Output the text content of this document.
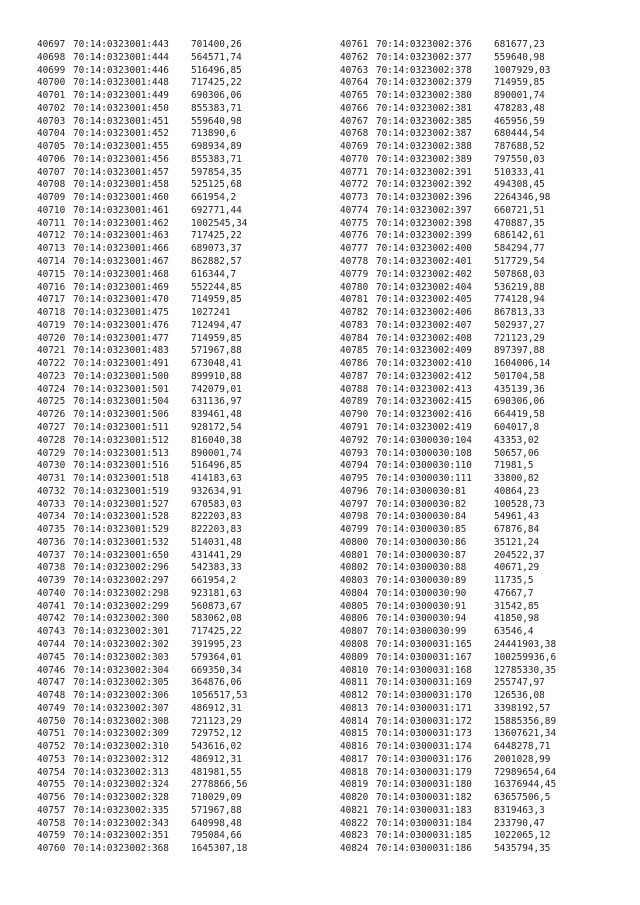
40697 70:14:0323001:443 701400,26
40698 70:14:0323001:444 564571,74
40699 70:14:0323001:446 516496,85
40700 70:14:0323001:448 717425,22
40701 70:14:0323001:449 690306,06
40702 70:14:0323001:450 855383,71
40703 70:14:0323001:451 559640,98
40704 70:14:0323001:452 713890,6
40705 70:14:0323001:455 698934,89
40706 70:14:0323001:456 855383,71
40707 70:14:0323001:457 597854,35
40708 70:14:0323001:458 525125,68
40709 70:14:0323001:460 661954,2
40710 70:14:0323001:461 692771,44
40711 70:14:0323001:462 1002545,34
40712 70:14:0323001:463 717425,22
40713 70:14:0323001:466 689073,37
40714 70:14:0323001:467 862882,57
40715 70:14:0323001:468 616344,7
40716 70:14:0323001:469 552244,85
40717 70:14:0323001:470 714959,85
40718 70:14:0323001:475 1027241
40719 70:14:0323001:476 712494,47
40720 70:14:0323001:477 714959,85
40721 70:14:0323001:483 571967,88
40722 70:14:0323001:491 673048,41
40723 70:14:0323001:500 899910,88
40724 70:14:0323001:501 742079,01
40725 70:14:0323001:504 631136,97
40726 70:14:0323001:506 839461,48
40727 70:14:0323001:511 928172,54
40728 70:14:0323001:512 816040,38
40729 70:14:0323001:513 890001,74
40730 70:14:0323001:516 516496,85
40731 70:14:0323001:518 414183,63
40732 70:14:0323001:519 932634,91
40733 70:14:0323001:527 670583,03
40734 70:14:0323001:528 822203,83
40735 70:14:0323001:529 822203,83
40736 70:14:0323001:532 514031,48
40737 70:14:0323001:650 431441,29
40738 70:14:0323002:296 542383,33
40739 70:14:0323002:297 661954,2
40740 70:14:0323002:298 923181,63
40741 70:14:0323002:299 560873,67
40742 70:14:0323002:300 583062,08
40743 70:14:0323002:301 717425,22
40744 70:14:0323002:302 391995,23
40745 70:14:0323002:303 579364,01
40746 70:14:0323002:304 669350,34
40747 70:14:0323002:305 364876,06
40748 70:14:0323002:306 1056517,53
40749 70:14:0323002:307 486912,31
40750 70:14:0323002:308 721123,29
40751 70:14:0323002:309 729752,12
40752 70:14:0323002:310 543616,02
40753 70:14:0323002:312 486912,31
40754 70:14:0323002:313 481981,55
40755 70:14:0323002:324 2778866,56
40756 70:14:0323002:328 710029,09
40757 70:14:0323002:335 571967,88
40758 70:14:0323002:343 640998,48
40759 70:14:0323002:351 795084,66
40760 70:14:0323002:368 1645307,18
40761 70:14:0323002:376 681677,23
40762 70:14:0323002:377 559640,98
40763 70:14:0323002:378 1007929,03
40764 70:14:0323002:379 714959,85
40765 70:14:0323002:380 890001,74
40766 70:14:0323002:381 478283,48
40767 70:14:0323002:385 465956,59
40768 70:14:0323002:387 680444,54
40769 70:14:0323002:388 787688,52
40770 70:14:0323002:389 797550,03
40771 70:14:0323002:391 510333,41
40772 70:14:0323002:392 494308,45
40773 70:14:0323002:396 2264346,98
40774 70:14:0323002:397 660721,51
40775 70:14:0323002:398 470887,35
40776 70:14:0323002:399 686142,61
40777 70:14:0323002:400 584294,77
40778 70:14:0323002:401 517729,54
40779 70:14:0323002:402 507868,03
40780 70:14:0323002:404 536219,88
40781 70:14:0323002:405 774128,94
40782 70:14:0323002:406 867813,33
40783 70:14:0323002:407 502937,27
40784 70:14:0323002:408 721123,29
40785 70:14:0323002:409 897397,88
40786 70:14:0323002:410 1604006,14
40787 70:14:0323002:412 501704,58
40788 70:14:0323002:413 435139,36
40789 70:14:0323002:415 690306,06
40790 70:14:0323002:416 664419,58
40791 70:14:0323002:419 604017,8
40792 70:14:0300030:104 43353,02
40793 70:14:0300030:108 50657,06
40794 70:14:0300030:110 71981,5
40795 70:14:0300030:111 33800,82
40796 70:14:0300030:81	40864,23
40797 70:14:0300030:82	100528,73
40798 70:14:0300030:84	54961,43
40799 70:14:0300030:85	67876,84
40800 70:14:0300030:86	35121,24
40801 70:14:0300030:87	204522,37
40802 70:14:0300030:88	40671,29
40803 70:14:0300030:89	11735,5
40804 70:14:0300030:90	47667,7
40805 70:14:0300030:91	31542,85
40806 70:14:0300030:94	41850,98
40807 70:14:0300030:99	63546,4
40808 70:14:0300031:165 24441903,38
40809 70:14:0300031:167 100259936,6
40810 70:14:0300031:168 12785330,35
40811 70:14:0300031:169 255747,97
40812 70:14:0300031:170 126536,08
40813 70:14:0300031:171 3398192,57
40814 70:14:0300031:172 15885356,89
40815 70:14:0300031:173 13607621,34
40816 70:14:0300031:174 6448278,71
40817 70:14:0300031:176 2001028,99
40818 70:14:0300031:179 72989654,64
40819 70:14:0300031:180 16376944,45
40820 70:14:0300031:182 63657506,5
40821 70:14:0300031:183 8319463,3
40822 70:14:0300031:184 233790,47
40823 70:14:0300031:185 1022065,12
40824 70:14:0300031:186 5435794,35
